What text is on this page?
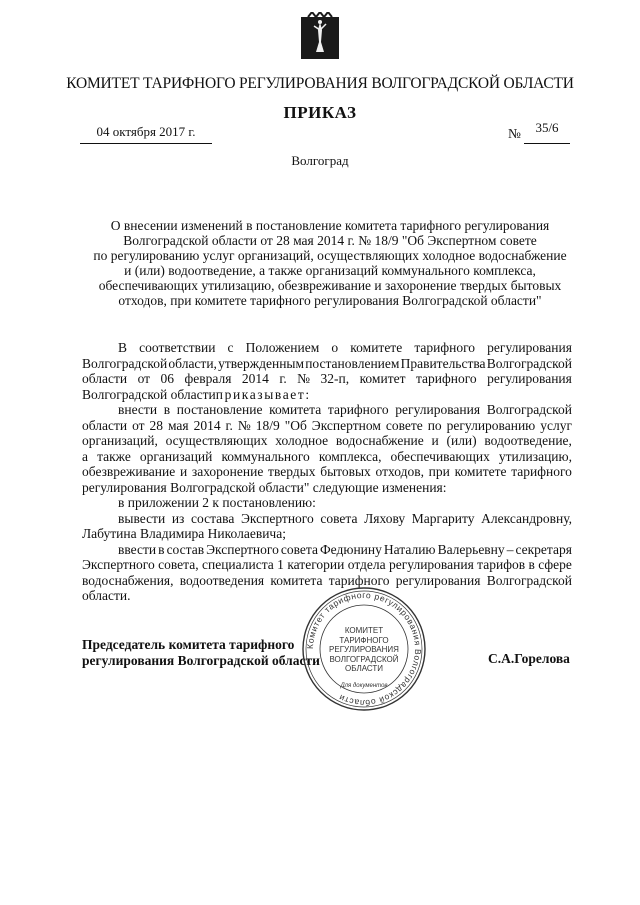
КОМИТЕТ ТАРИФНОГО РЕГУЛИРОВАНИЯ ВОЛГОГРАДСКОЙ ОБЛАСТИ
ПРИКАЗ
04 октября 2017 г.	№	35/6
Волгоград
О внесении изменений в постановление комитета тарифного регулирования
Волгоградской области от 28 мая 2014 г. № 18/9 "Об Экспертном совете
по регулированию услуг организаций, осуществляющих холодное водоснабжение
и (или) водоотведение, а также организаций коммунального комплекса,
обеспечивающих утилизацию, обезвреживание и захоронение твердых бытовых
отходов, при комитете тарифного регулирования Волгоградской области"
В соответствии с Положением о комитете тарифного регулирования
Волгоградской области, утвержденным постановлением Правительства Волгоградской
области от 06 февраля 2014 г. № 32-п, комитет тарифного регулирования
Волгоградской областиприказывает:
внести в постановление комитета тарифного регулирования Волгоградской
области от 28 мая 2014 г. № 18/9 "Об Экспертном совете по регулированию услуг
организаций, осуществляющих холодное водоснабжение и (или) водоотведение,
а также организаций коммунального комплекса, обеспечивающих утилизацию,
обезвреживание и захоронение твердых бытовых отходов, при комитете тарифного
регулирования Волгоградской области" следующие изменения:
в приложении 2 к постановлению:
вывести из состава Экспертного совета Ляхову Маргариту Александровну,
Лабутина Владимира Николаевича;
ввести в состав Экспертного совета Федюнину Наталию Валерьевну – секретаря
Экспертного совета, специалиста 1 категории отдела регулирования тарифов в сфере
водоснабжения, водоотведения комитета тарифного регулирования Волгоградской
области.
Председатель комитета тарифного
регулирования Волгоградской области	С.А.Горелова
Комитет тарифного регулирования Волгоградской области
Для документов
КОМИТЕТ
ТАРИФНОГО
РЕГУЛИРОВАНИЯ
ВОЛГОГРАДСКОЙ
ОБЛАСТИ
